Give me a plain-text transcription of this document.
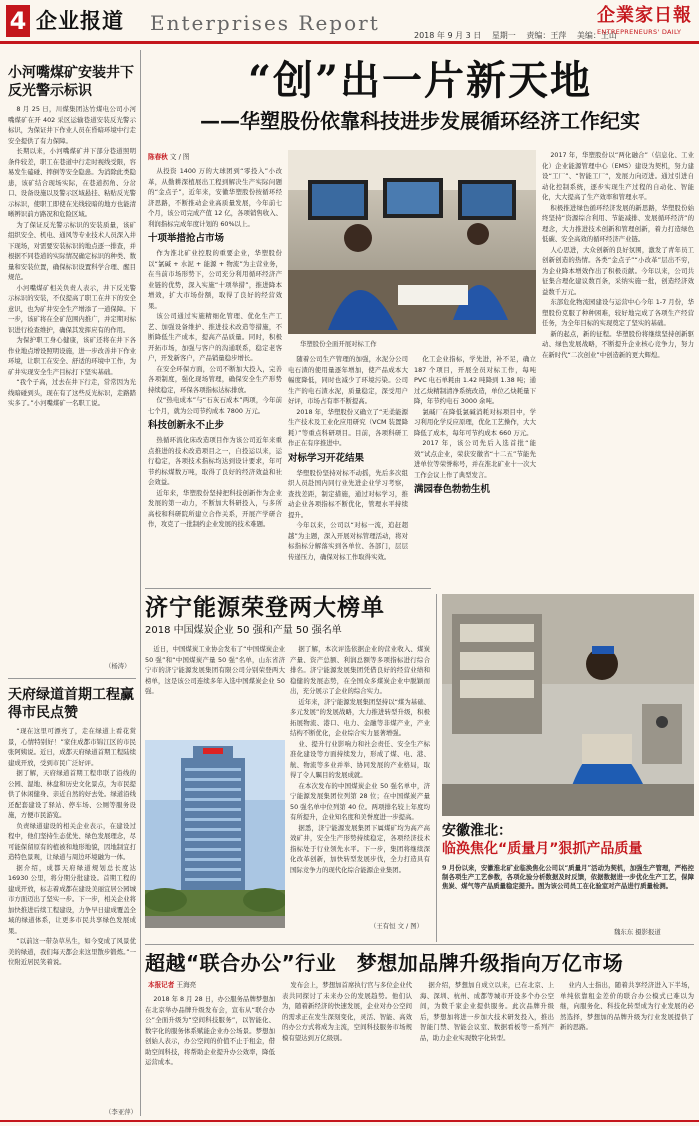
4 企业报道 Enterprises Report
2018 年 9 月 3 日 星期一 责编：王萍 美编：王山
企業家日報
ENTREPRENEURS' DAILY
小河嘴煤矿安装井下反光警示标识

8 月 25 日，川煤集团达竹煤电公司小河嘴煤矿在开 402 采区运输巷道安装反光警示标识，为保证井下作业人员在昏暗环境中行走安全提供了有力保障。

长期以来，小河嘴煤矿井下部分巷道照明条件较差，职工在巷道中行走时视线受限，容易发生磕碰、摔倒等安全隐患。为消除此类隐患，该矿结合现场实际，在巷道拐角、分岔口、设备设施以及警示区域悬挂、粘贴反光警示标识，使职工即使在光线较暗的地方也能清晰辨识前方路况和危险区域。

为了保证反光警示标识的安装质量，该矿组织安全、机电、通风等专业技术人员深入井下现场，对需要安装标识的地点逐一排查，并根据不同巷道的实际情况确定标识的种类、数量和安装位置，确保标识设置科学合理、醒目规范。

小河嘴煤矿相关负责人表示，井下反光警示标识的安装，不仅提高了职工在井下的安全意识，也为矿井安全生产增添了一道保障。下一步，该矿将在全矿范围内推广，并定期对标识进行检查维护，确保其发挥应有的作用。

为保护职工身心健康，该矿还将在井下各作业地点增设照明设施，进一步改善井下作业环境，让职工在安全、舒适的环境中工作，为矿井实现安全生产目标打下坚实基础。

“我个子高，过去在井下行走，常常因为光线暗碰到头，现在有了这些反光标识，走路踏实多了。”小河嘴煤矿一名职工说。

（杨涛）
天府绿道首期工程赢得市民点赞

“现在这里可漂亮了，走在绿道上看花赏景，心情特别好！”家住成都市锦江区的市民张阿姨说。近日，成都天府绿道首期工程陆续建成开放，受到市民广泛好评。

据了解，天府绿道首期工程串联了沿线的公园、湿地、林盘和历史文化景点，为市民提供了休闲健身、亲近自然的好去处。绿道沿线还配套建设了驿站、停车场、公厕等服务设施，方便市民游览。

负责绿道建设的相关企业表示，在建设过程中，他们坚持生态优先、绿色发展理念，尽可能保留原有的植被和地形地貌，因地制宜打造特色景观，让绿道与周边环境融为一体。

据介绍，成都天府绿道规划总长度达 16930 公里，将分期分批建设。首期工程的建成开放，标志着成都在建设美丽宜居公园城市方面迈出了坚实一步。下一步，相关企业将加快推进后续工程建设，力争早日建成覆盖全域的绿道体系，让更多市民共享绿色发展成果。

“以前这一带杂草丛生，如今变成了风景优美的绿道，我们每天都会来这里散步锻炼。”一位附近居民笑着说。

（李亚萍）
“创”出一片新天地
——华塑股份依靠科技进步发展循环经济工作纪实
陈春秋 文 / 图

从投资 1400 万的大球团到“零投入”小改革，从勤耕深植展出工程到解决生产实际问题的“金点子”，近年来，安徽华塑股份按循环经济思路，不断推动企业高质量发展，今年前七个月，该公司完成产值 12 亿，各项销售收入、利润指标完成年度计划的 60%以上。

十项举措抢占市场

作为淮北矿业控股的重要企业，华塑股份以“氯碱 + 水泥 + 能源 + 物流”为主营业务，在当前市场形势下，公司充分利用循环经济产业链的优势，深入实施“十项举措”，推进降本增效，扩大市场份额，取得了良好的经营效果。

该公司通过实施精细化管理、优化生产工艺、加强设备维护、推进技术改造等措施，不断降低生产成本，提高产品质量。同时，积极开拓市场，加强与客户的沟通联系，稳定老客户，开发新客户，产品销量稳步增长。

在安全环保方面，公司不断加大投入，完善各项制度，强化现场管理，确保安全生产形势持续稳定，环保各项指标达标排放。

仅“热电成本”与“石灰石成本”两项，今年前七个月，就为公司节约成本 7800 万元。

科技创新永不止步

热循环流化床改造项目作为该公司近年来重点推进的技术改造项目之一，自投运以来，运行稳定，各项技术指标均达到设计要求，年可节约标煤数万吨，取得了良好的经济效益和社会效益。

近年来，华塑股份坚持把科技创新作为企业发展的第一动力，不断加大科研投入，与多所高校和科研院所建立合作关系，开展产学研合作，攻克了一批制约企业发展的技术难题。

华塑股份全面开展对标工作

随着公司生产管理的加强，水泥分公司电石渣的使用量逐年增加，使产品成本大幅度降低，同时也减少了环境污染。公司生产的电石渣水泥，质量稳定，深受用户好评，市场占有率不断提高。

2018 年，华塑股份又确立了“无柔能源生产技术及工业化应用研究（VCM 装置降耗）”等重点科研项目。目前，各项科研工作正在有序推进中。

对标学习开花结果

华塑股份坚持对标不动摇，先后多次组织人员赴国内同行业先进企业学习考察，查找差距，制定措施，通过对标学习，推动企业各项指标不断优化，管理水平持续提升。

今年以来，公司以“对标一流，追赶超越”为主题，深入开展对标管理活动，将对标指标分解落实到各单位、各部门，层层传递压力，确保对标工作取得实效。

化工企业指标，学先进，补不足，确立 187 个项目，开展全员对标工作，每吨 PVC 电石单耗由 1.42 吨降到 1.38 吨；通过乙炔精制清净系统改造，单位乙炔耗量下降，年节约电石 3000 余吨。

氯碱厂在降低氯碱消耗对标项目中，学习利用化学反应原理，优化工艺操作，大大降低了成本，每年可节约成本 660 万元。

2017 年，该公司先后入选首批“能效”试点企业，荣获安徽省“十二五”节能先进单位等荣誉称号，并在淮北矿业十一次大工作会议上作了典型发言。

满园春色勃勃生机

2017 年，华塑股份以“两化融合”（信息化、工业化）企业能源管理中心（EMS）建设为契机，努力建设“工厂”、“智能工厂”，发展力向迈进。通过引进自动化控制系统，逐步实现生产过程的自动化、智能化，大大提高了生产效率和管理水平。

积极推进绿色循环经济发展的新思路，华塑股份始终坚持“资源综合利用、节能减排、发展循环经济”的理念，大力推进技术创新和管理创新，着力打造绿色低碳、安全高效的循环经济产业链。

人心思进，大众创新的良好氛围，激发了青年员工创新创造的热情。各类“金点子”“小改革”层出不穷，为企业降本增效作出了积极贡献。今年以来，公司共征集合理化建议数百条，采纳实施一批，创造经济效益数千万元。

东部危化物流园建设与运营中心今年 1-7 月份，华塑股份克服了种种困难，较好地完成了各项生产经营任务，为全年目标的实现奠定了坚实的基础。

新的起点，新的征程。华塑股份将继续坚持创新驱动、绿色发展战略，不断提升企业核心竞争力，努力在新时代“二次创业”中创造新的更大辉煌。

济宁能源荣登两大榜单
2018 中国煤炭企业 50 强和产量 50 强名单

近日，中国煤炭工业协会发布了“中国煤炭企业 50 强”和“中国煤炭产量 50 强”名单，山东省济宁市的济宁能源发展集团有限公司分别荣登两大榜单，这是该公司连续多年入选中国煤炭企业 50 强。

据了解，本次评选依据企业的营业收入、煤炭产量、资产总额、利润总额等多项指标进行综合排名。济宁能源发展集团凭借良好的经营业绩和稳健的发展态势，在全国众多煤炭企业中脱颖而出，充分展示了企业的综合实力。

近年来，济宁能源发展集团坚持以“煤为基础、多元发展”的发展战略，大力推进转型升级，积极拓展物流、港口、电力、金融等非煤产业，产业结构不断优化，企业综合实力显著增强。

业、提升行业影响力和社会责任、安全生产标准化建设等方面持续发力，形成了煤、电、港、航、物流等多业并举、协同发展的产业格局，取得了令人瞩目的发展成就。

在本次发布的中国煤炭企业 50 强名单中，济宁能源发展集团位列第 28 位；在中国煤炭产量 50 强名单中位列第 40 位。两项排名较上年度均有所提升，企业知名度和美誉度进一步提高。

据悉，济宁能源发展集团下属煤矿均为高产高效矿井，安全生产形势持续稳定，各项经济技术指标处于行业领先水平。下一步，集团将继续深化改革创新，加快转型发展步伐，全力打造具有国际竞争力的现代化综合能源企业集团。

（王有恒 文 / 图）
安徽淮北：
临涣焦化“质量月”狠抓产品质量
9 月份以来，安徽淮北矿业临涣焦化公司以“质量月”活动为契机，加强生产管理，严格控制各项生产工艺参数，各项化验分析数据及时反馈，依据数据进一步优化生产工艺，保障焦炭、煤气等产品质量稳定提升。图为该公司员工在化验室对产品进行质量检测。
魏东东 摄影报道
超越“联合办公”行业　梦想加品牌升级指向万亿市场
本报记者 王海亮

2018 年 8 月 28 日，办公服务品牌梦想加在北京举办品牌升级发布会，宣布从“联合办公”全面升级为“空间科技服务”，以智能化、数字化的服务体系赋能企业办公场景。梦想加创始人表示，办公空间的价值不止于租金，借助空间科技，将帮助企业提升办公效率，降低运营成本。

发布会上，梦想加首席执行官与多位企业代表共同探讨了未来办公的发展趋势。他们认为，随着新经济的快速发展，企业对办公空间的需求正在发生深刻变化，灵活、智能、高效的办公方式将成为主流，空间科技服务市场规模有望达到万亿级别。

据介绍，梦想加自成立以来，已在北京、上海、深圳、杭州、成都等城市开设多个办公空间，为数千家企业提供服务。此次品牌升级后，梦想加将进一步加大技术研发投入，推出智能门禁、智能会议室、数据看板等一系列产品，助力企业实现数字化转型。

业内人士指出，随着共享经济进入下半场，单纯依靠租金差价的联合办公模式已难以为继，向服务化、科技化转型成为行业发展的必然选择，梦想加的品牌升级为行业发展提供了新的思路。
